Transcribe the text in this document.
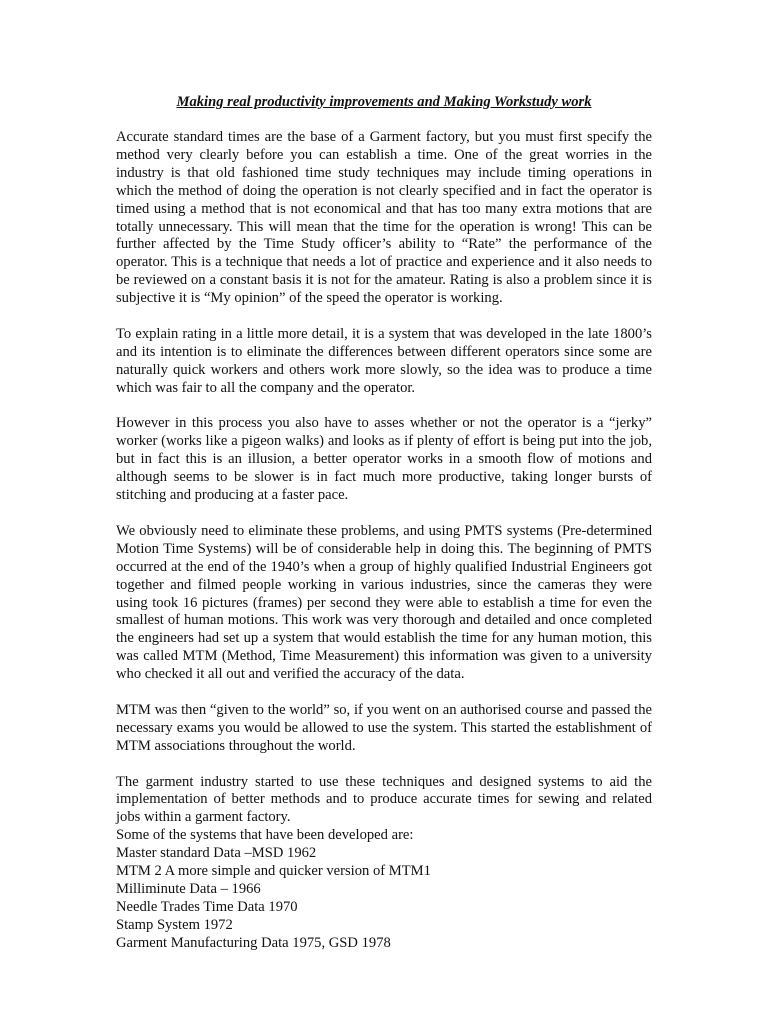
Making real productivity improvements and Making Workstudy work

Accurate standard times are the base of a Garment factory, but you must first specify the method very clearly before you can establish a time. One of the great worries in the industry is that old fashioned time study techniques may include timing operations in which the method of doing the operation is not clearly specified and in fact the operator is timed using a method that is not economical and that has too many extra motions that are totally unnecessary. This will mean that the time for the operation is wrong! This can be further affected by the Time Study officer’s ability to “Rate” the performance of the operator. This is a technique that needs a lot of practice and experience and it also needs to be reviewed on a constant basis it is not for the amateur. Rating is also a problem since it is subjective it is “My opinion” of the speed the operator is working.

To explain rating in a little more detail, it is a system that was developed in the late 1800’s and its intention is to eliminate the differences between different operators since some are naturally quick workers and others work more slowly, so the idea was to produce a time which was fair to all the company and the operator.

However in this process you also have to asses whether or not the operator is a “jerky” worker (works like a pigeon walks) and looks as if plenty of effort is being put into the job, but in fact this is an illusion, a better operator works in a smooth flow of motions and although seems to be slower is in fact much more productive, taking longer bursts of stitching and producing at a faster pace.

We obviously need to eliminate these problems, and using PMTS systems (Pre-determined Motion Time Systems) will be of considerable help in doing this. The beginning of PMTS occurred at the end of the 1940’s when a group of highly qualified Industrial Engineers got together and filmed people working in various industries, since the cameras they were using took 16 pictures (frames) per second they were able to establish a time for even the smallest of human motions. This work was very thorough and detailed and once completed the engineers had set up a system that would establish the time for any human motion, this was called MTM (Method, Time Measurement) this information was given to a university who checked it all out and verified the accuracy of the data.

MTM was then “given to the world” so, if you went on an authorised course and passed the necessary exams you would be allowed to use the system. This started the establishment of MTM associations throughout the world.

The garment industry started to use these techniques and designed systems to aid the implementation of better methods and to produce accurate times for sewing and related jobs within a garment factory.

Some of the systems that have been developed are:

Master standard Data –MSD 1962

MTM 2 A more simple and quicker version of MTM1

Milliminute Data – 1966

Needle Trades Time Data 1970

Stamp System 1972

Garment Manufacturing Data 1975, GSD 1978
